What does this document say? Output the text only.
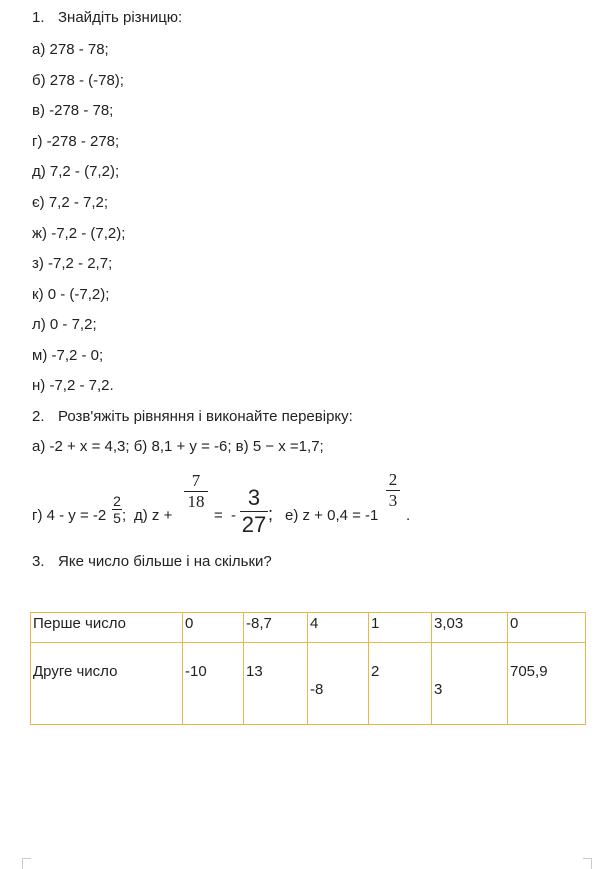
1. Знайдіть різницю:
а) 278 - 78;
б) 278 - (-78);
в) -278 - 78;
г) -278 - 278;
д) 7,2 - (7,2);
є) 7,2 - 7,2;
ж) -7,2 - (7,2);
з) -7,2 - 2,7;
к) 0 - (-7,2);
л) 0 - 7,2;
м) -7,2 - 0;
н) -7,2 - 7,2.
2. Розв'яжіть рівняння і виконайте перевірку:
а) -2 + х = 4,3; б) 8,1 + у = -6; в) 5 − х =1,7;
г) 4 - у = -2
2
5 ; д) z +
7
18
= -
3
27 ; е) z + 0,4 = -1
2
3
.
3. Яке число більше і на скільки?
Перше число	0	-8,7	4	1	3,03	0
Друге число	-10	13	-8	2	3	705,9
